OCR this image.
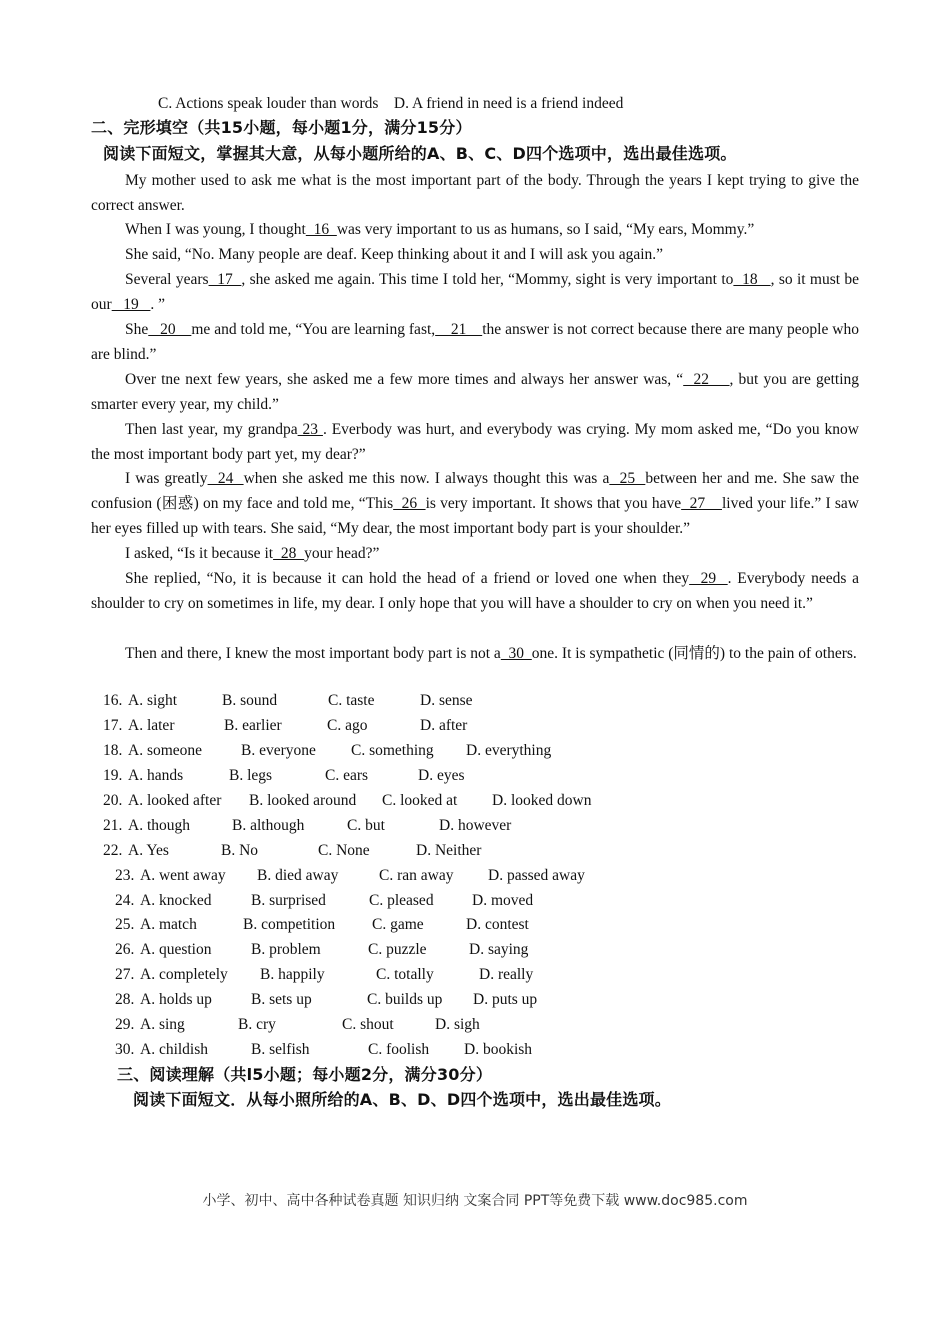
C. Actions speak louder than words D. A friend in need is a friend indeed
二、完形填空（共15小题，每小题1分，满分15分）
阅读下面短文，掌握其大意，从每小题所给的A、B、C、D四个选项中，选出最佳选项。
My mother used to ask me what is the most important part of the body. Through the years I kept trying to give the correct answer.
When I was young, I thought  16  was very important to us as humans, so I said, “My ears, Mommy.”
She said, “No. Many people are deaf. Keep thinking about it and I will ask you again.”
Several years  17  , she asked me again. This time I told her, “Mommy, sight is very important to  18   , so it must be our   19   . ”
She   20    me and told me, “You are learning fast,    21    the answer is not correct because there are many people who are blind.”
Over tne next few years, she asked me a few more times and always her answer was, “  22    , but you are getting smarter every year, my child.”
Then last year, my grandpa 23 . Everbody was hurt, and everybody was crying. My mom asked me, “Do you know the most important body part yet, my dear?”
I was greatly  24  when she asked me this now. I always thought this was a  25  between her and me. She saw the confusion (困惑) on my face and told me, “This  26  is very important. It shows that you have  27    lived your life.” I saw her eyes filled up with tears. She said, “My dear, the most important body part is your shoulder.”
I asked, “Is it because it  28  your head?”
She replied, “No, it is because it can hold the head of a friend or loved one when they  29  . Everybody needs a shoulder to cry on sometimes in life, my dear. I only hope that you will have a shoulder to cry on when you need it.”
Then and there, I knew the most important body part is not a  30  one. It is sympathetic (同情的) to the pain of others.
16. A. sight	B. sound	C. taste	D. sense
17. A. later	B. earlier	C. ago	D. after
18. A. someone	B. everyone C. something D. everything
19. A. hands	B. legs	C. ears	D. eyes
20. A. looked after B. looked around C. looked at D. looked down
21. A. though	B. although	C. but	D. however
22. A. Yes	B. No	C. None	D. Neither
23. A. went away B. died away	C. ran away D. passed away
24. A. knocked	B. surprised	C. pleased D. moved
25. A. match	B. competition C. game	D. contest
26. A. question	B. problem	C. puzzle	D. saying
27. A. completely B. happily	C. totally	D. really
28. A. holds up	B. sets up	C. builds up D. puts up
29. A. sing	B. cry	C. shout	D. sigh
30. A. childish	B. selfish	C. foolish D. bookish
三、阅读理解（共l5小题；每小题2分，满分30分）
阅读下面短文．从每小照所给的A、B、D、D四个选项中，选出最佳选项。
小学、初中、高中各种试卷真题 知识归纳 文案合同 PPT等免费下载 www.doc985.com
